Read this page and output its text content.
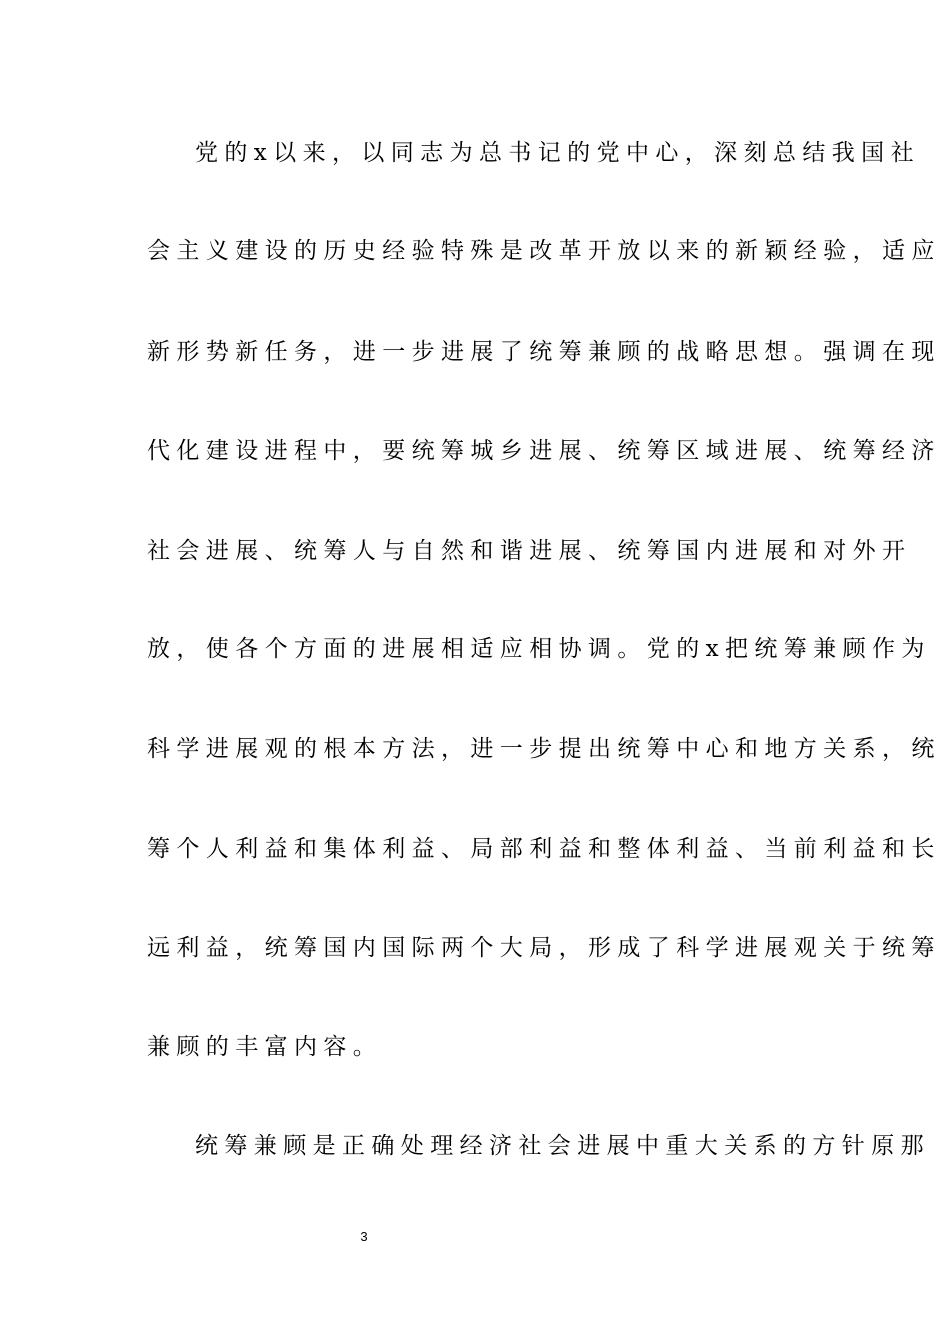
党的x以来，以同志为总书记的党中心，深刻总结我国社
会主义建设的历史经验特殊是改革开放以来的新颖经验，适应
新形势新任务，进一步进展了统筹兼顾的战略思想。强调在现
代化建设进程中，要统筹城乡进展、统筹区域进展、统筹经济
社会进展、统筹人与自然和谐进展、统筹国内进展和对外开
放，使各个方面的进展相适应相协调。党的x把统筹兼顾作为
科学进展观的根本方法，进一步提出统筹中心和地方关系，统
筹个人利益和集体利益、局部利益和整体利益、当前利益和长
远利益，统筹国内国际两个大局，形成了科学进展观关于统筹
兼顾的丰富内容。
统筹兼顾是正确处理经济社会进展中重大关系的方针原那
3
